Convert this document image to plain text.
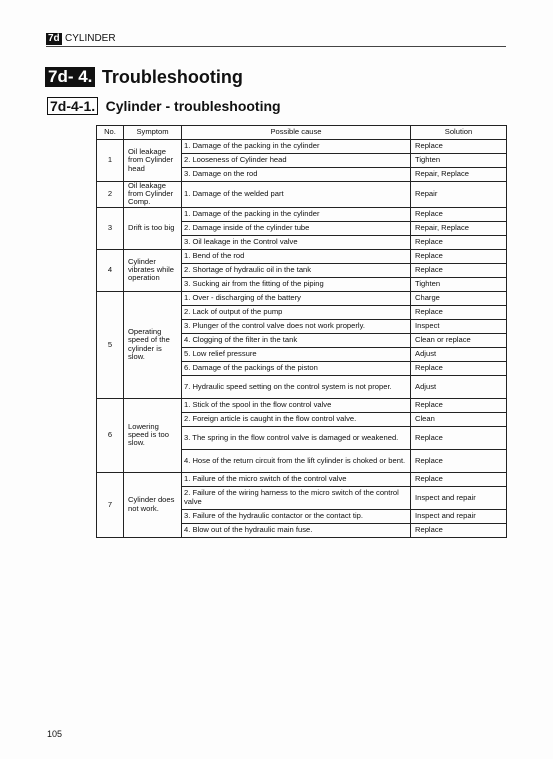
7d CYLINDER
7d- 4. Troubleshooting
7d-4-1. Cylinder - troubleshooting
No.	Symptom	Possible cause	Solution
1	Oil leakage from Cylinder head	1. Damage of the packing in the cylinder	Replace
		2. Looseness of Cylinder head	Tighten
		3. Damage on the rod	Repair, Replace
2	Oil leakage from Cylinder Comp.	1. Damage of the welded part	Repair
3	Drift is too big	1. Damage of the packing in the cylinder	Replace
		2. Damage inside of the cylinder tube	Repair, Replace
		3. Oil leakage in the Control valve	Replace
4	Cylinder vibrates while operation	1. Bend of the rod	Replace
		2. Shortage of hydraulic oil in the tank	Replace
		3. Sucking air from the fitting of the piping	Tighten
5	Operating speed of the cylinder is slow.	1. Over - discharging of the battery	Charge
		2. Lack of output of the pump	Replace
		3. Plunger of the control valve does not work properly.	Inspect
		4. Clogging of the filter in the tank	Clean or replace
		5. Low relief pressure	Adjust
		6. Damage of the packings of the piston	Replace
		7. Hydraulic speed setting on the control system is not proper.	Adjust
6	Lowering speed is too slow.	1. Stick of the spool in the flow control valve	Replace
		2. Foreign article is caught in the flow control valve.	Clean
		3. The spring in the flow control valve is damaged or weakened.	Replace
		4. Hose of the return circuit from the lift cylinder is choked or bent.	Replace
7	Cylinder does not work.	1. Failure of the micro switch of the control valve	Replace
		2. Failure of the wiring harness to the micro switch of the control valve	Inspect and repair
		3. Failure of the hydraulic contactor or the contact tip.	Inspect and repair
		4. Blow out of the hydraulic main fuse.	Replace
105
